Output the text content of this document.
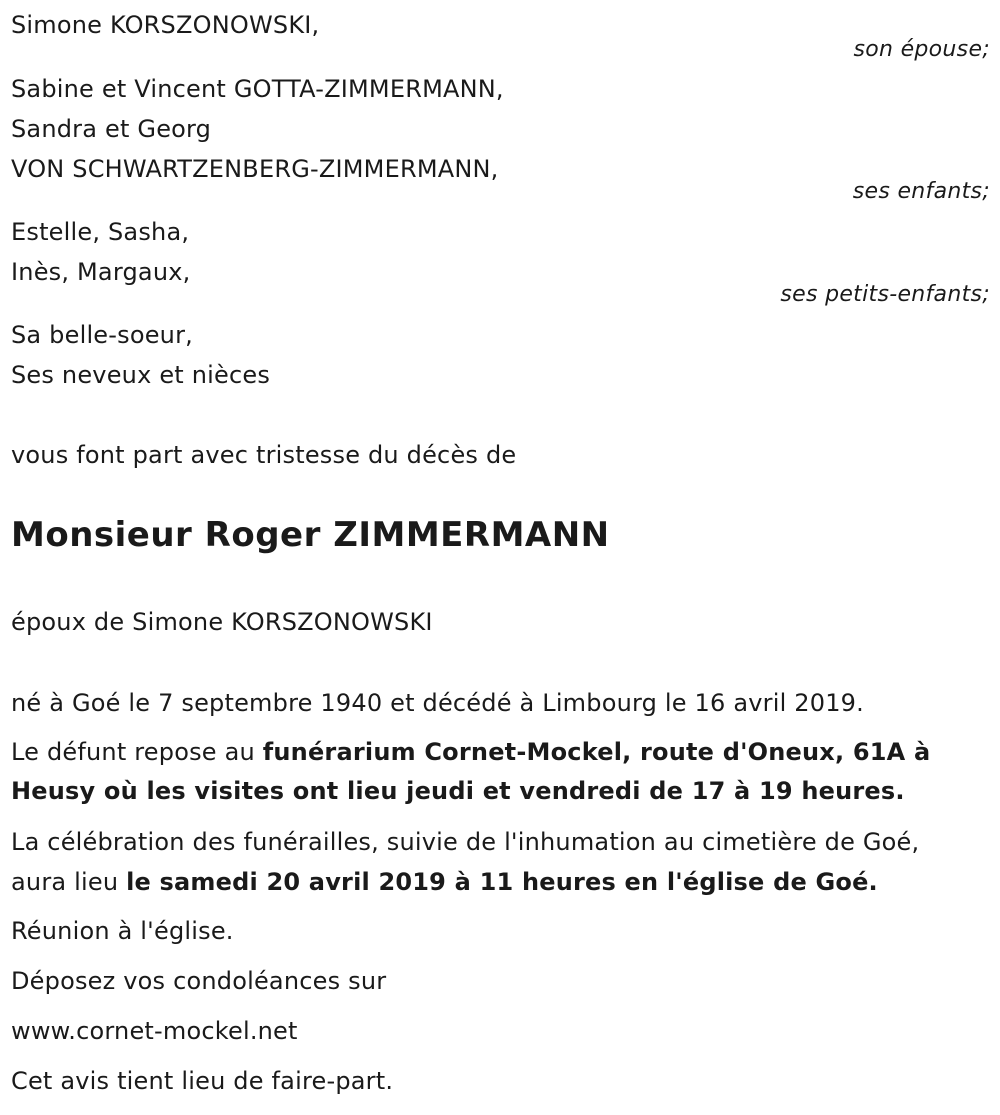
Simone KORSZONOWSKI,
son épouse;
Sabine et Vincent GOTTA-ZIMMERMANN,
Sandra et Georg
VON SCHWARTZENBERG-ZIMMERMANN,
ses enfants;
Estelle, Sasha,
Inès, Margaux,
ses petits-enfants;
Sa belle-soeur,
Ses neveux et nièces
vous font part avec tristesse du décès de
Monsieur Roger ZIMMERMANN
époux de Simone KORSZONOWSKI
né à Goé le 7 septembre 1940 et décédé à Limbourg le 16 avril 2019.
Le défunt repose au funérarium Cornet-Mockel, route d'Oneux, 61A à
Heusy où les visites ont lieu jeudi et vendredi de 17 à 19 heures.
La célébration des funérailles, suivie de l'inhumation au cimetière de Goé,
aura lieu le samedi 20 avril 2019 à 11 heures en l'église de Goé.
Réunion à l'église.
Déposez vos condoléances sur
www.cornet-mockel.net
Cet avis tient lieu de faire-part.
